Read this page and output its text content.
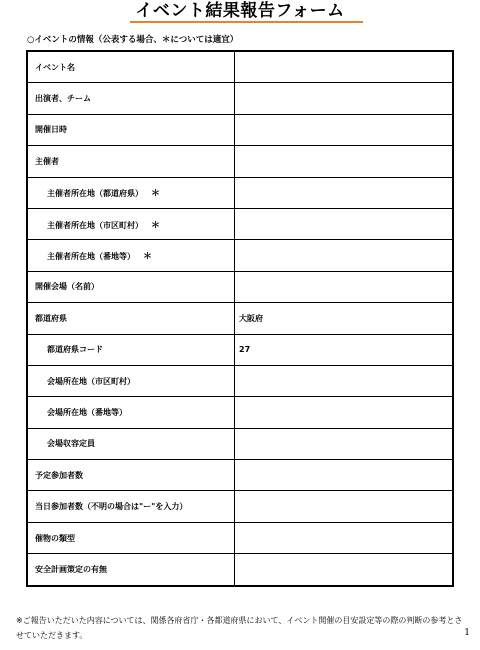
イベント結果報告フォーム
○イベントの情報（公表する場合、＊については適宜）
イベント名	
出演者、チーム	
開催日時	
主催者	
主催者所在地（都道府県） ＊	
主催者所在地（市区町村） ＊	
主催者所在地（番地等） ＊	
開催会場（名前）	
都道府県	大阪府
都道府県コード	27
会場所在地（市区町村）	
会場所在地（番地等）	
会場収容定員	
予定参加者数	
当日参加者数（不明の場合は"ー"を入力）	
催物の類型	
安全計画策定の有無	

※ご報告いただいた内容については、関係各府省庁・各都道府県において、イベント開催の目安設定等の際の判断の参考とさせていただきます。	1
